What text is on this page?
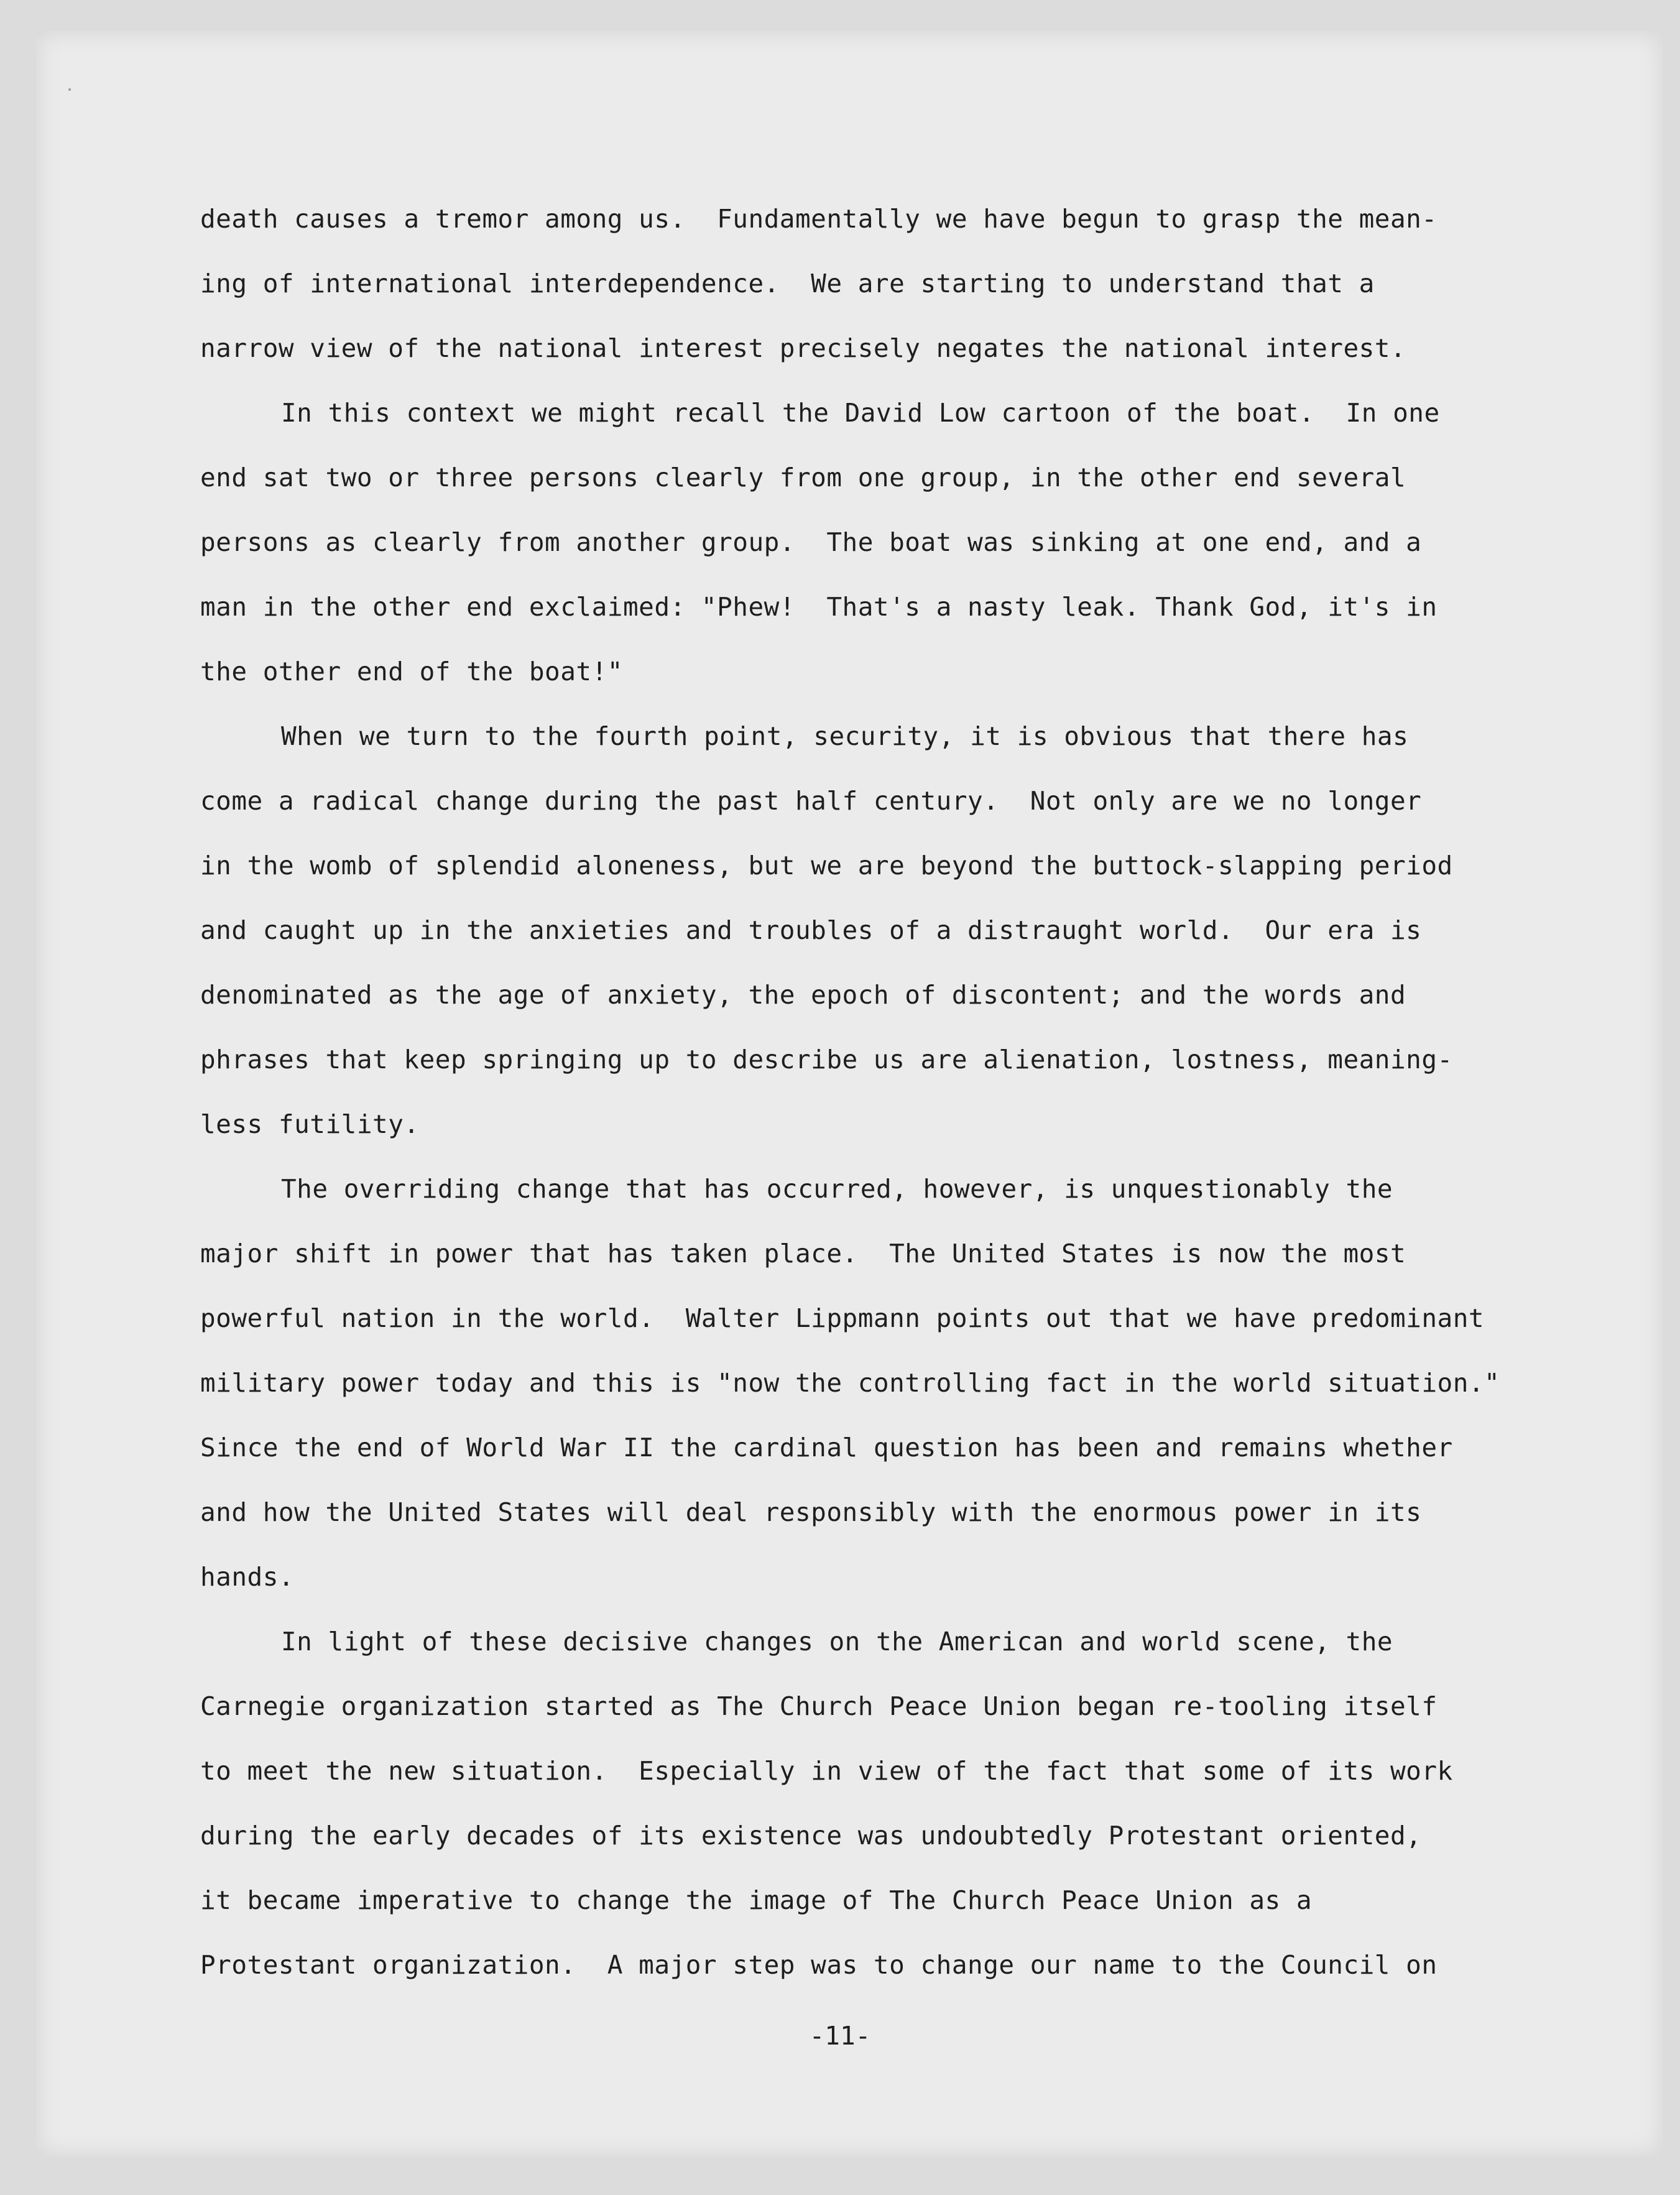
death causes a tremor among us.  Fundamentally we have begun to grasp the mean-
ing of international interdependence.  We are starting to understand that a
narrow view of the national interest precisely negates the national interest.
In this context we might recall the David Low cartoon of the boat.  In one
end sat two or three persons clearly from one group, in the other end several
persons as clearly from another group.  The boat was sinking at one end, and a
man in the other end exclaimed: "Phew!  That's a nasty leak. Thank God, it's in
the other end of the boat!"
When we turn to the fourth point, security, it is obvious that there has
come a radical change during the past half century.  Not only are we no longer
in the womb of splendid aloneness, but we are beyond the buttock-slapping period
and caught up in the anxieties and troubles of a distraught world.  Our era is
denominated as the age of anxiety, the epoch of discontent; and the words and
phrases that keep springing up to describe us are alienation, lostness, meaning-
less futility.
The overriding change that has occurred, however, is unquestionably the
major shift in power that has taken place.  The United States is now the most
powerful nation in the world.  Walter Lippmann points out that we have predominant
military power today and this is "now the controlling fact in the world situation."
Since the end of World War II the cardinal question has been and remains whether
and how the United States will deal responsibly with the enormous power in its
hands.
In light of these decisive changes on the American and world scene, the
Carnegie organization started as The Church Peace Union began re-tooling itself
to meet the new situation.  Especially in view of the fact that some of its work
during the early decades of its existence was undoubtedly Protestant oriented,
it became imperative to change the image of The Church Peace Union as a
Protestant organization.  A major step was to change our name to the Council on
-11-
